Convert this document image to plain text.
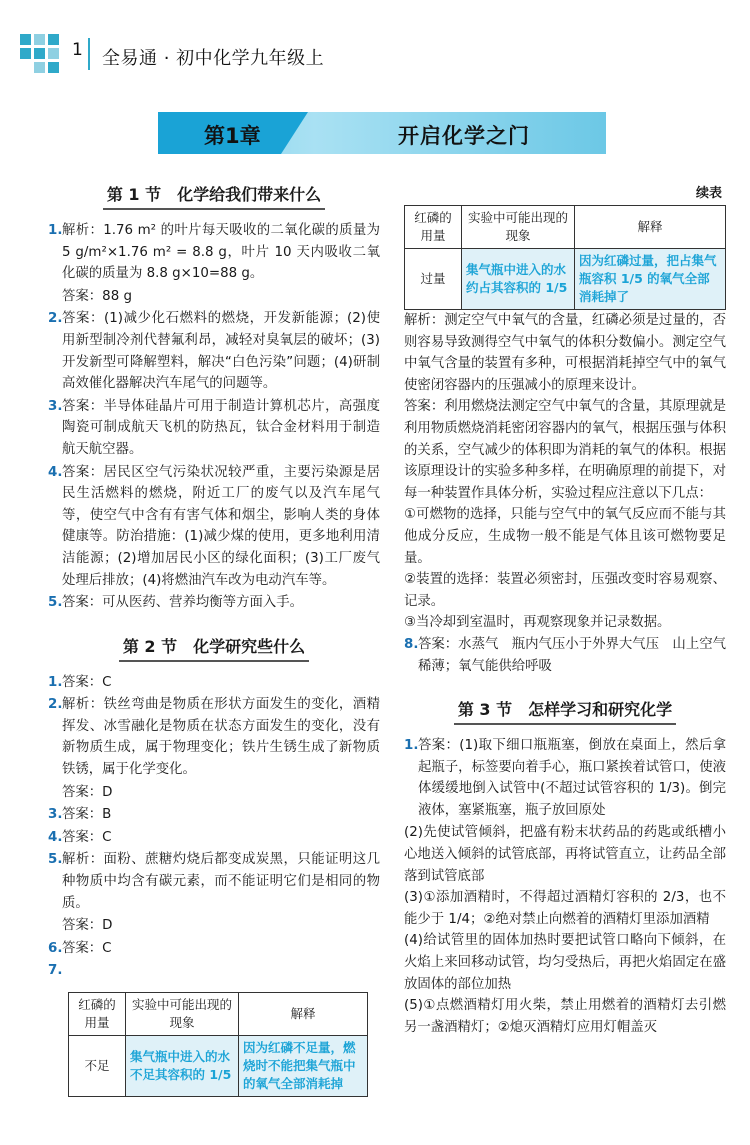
1 全易通 · 初中化学九年级上
第1章	开启化学之门
第 1 节　化学给我们带来什么
1. 解析：1.76 m² 的叶片每天吸收的二氧化碳的质量为 5 g/m²×1.76 m² = 8.8 g，叶片 10 天内吸收二氧化碳的质量为 8.8 g×10=88 g。
答案：88 g
2. 答案：(1)减少化石燃料的燃烧，开发新能源；(2)使用新型制冷剂代替氟利昂，减轻对臭氧层的破坏；(3)开发新型可降解塑料，解决“白色污染”问题；(4)研制高效催化器解决汽车尾气的问题等。
3. 答案：半导体硅晶片可用于制造计算机芯片，高强度陶瓷可制成航天飞机的防热瓦，钛合金材料用于制造航天航空器。
4. 答案：居民区空气污染状况较严重，主要污染源是居民生活燃料的燃烧，附近工厂的废气以及汽车尾气等，使空气中含有有害气体和烟尘，影响人类的身体健康等。防治措施：(1)减少煤的使用，更多地利用清洁能源；(2)增加居民小区的绿化面积；(3)工厂废气处理后排放；(4)将燃油汽车改为电动汽车等。
5. 答案：可从医药、营养均衡等方面入手。
第 2 节　化学研究些什么
1. 答案：C
2. 解析：铁丝弯曲是物质在形状方面发生的变化，酒精挥发、冰雪融化是物质在状态方面发生的变化，没有新物质生成，属于物理变化；铁片生锈生成了新物质铁锈，属于化学变化。
答案：D
3. 答案：B
4. 答案：C
5. 解析：面粉、蔗糖灼烧后都变成炭黑，只能证明这几种物质中均含有碳元素，而不能证明它们是相同的物质。
答案：D
6. 答案：C
7.
红磷的用量	实验中可能出现的现象	解释
不足	集气瓶中进入的水不足其容积的 1/5	因为红磷不足量，燃烧时不能把集气瓶中的氧气全部消耗掉
续表
红磷的用量	实验中可能出现的现象	解释
过量	集气瓶中进入的水约占其容积的 1/5	因为红磷过量，把占集气瓶容积 1/5 的氧气全部消耗掉了
解析：测定空气中氧气的含量，红磷必须是过量的，否则容易导致测得空气中氧气的体积分数偏小。测定空气中氧气含量的装置有多种，可根据消耗掉空气中的氧气使密闭容器内的压强减小的原理来设计。
答案：利用燃烧法测定空气中氧气的含量，其原理就是利用物质燃烧消耗密闭容器内的氧气，根据压强与体积的关系，空气减少的体积即为消耗的氧气的体积。根据该原理设计的实验多种多样，在明确原理的前提下，对每一种装置作具体分析，实验过程应注意以下几点：
①可燃物的选择，只能与空气中的氧气反应而不能与其他成分反应，生成物一般不能是气体且该可燃物要足量。
②装置的选择：装置必须密封，压强改变时容易观察、记录。
③当冷却到室温时，再观察现象并记录数据。
8. 答案：水蒸气　瓶内气压小于外界大气压　山上空气稀薄；氧气能供给呼吸
第 3 节　怎样学习和研究化学
1. 答案：(1)取下细口瓶瓶塞，倒放在桌面上，然后拿起瓶子，标签要向着手心，瓶口紧挨着试管口，使液体缓缓地倒入试管中(不超过试管容积的 1/3)。倒完液体，塞紧瓶塞，瓶子放回原处
(2)先使试管倾斜，把盛有粉末状药品的药匙或纸槽小心地送入倾斜的试管底部，再将试管直立，让药品全部落到试管底部
(3)①添加酒精时，不得超过酒精灯容积的 2/3，也不能少于 1/4；②绝对禁止向燃着的酒精灯里添加酒精
(4)给试管里的固体加热时要把试管口略向下倾斜，在火焰上来回移动试管，均匀受热后，再把火焰固定在盛放固体的部位加热
(5)①点燃酒精灯用火柴，禁止用燃着的酒精灯去引燃另一盏酒精灯；②熄灭酒精灯应用灯帽盖灭
